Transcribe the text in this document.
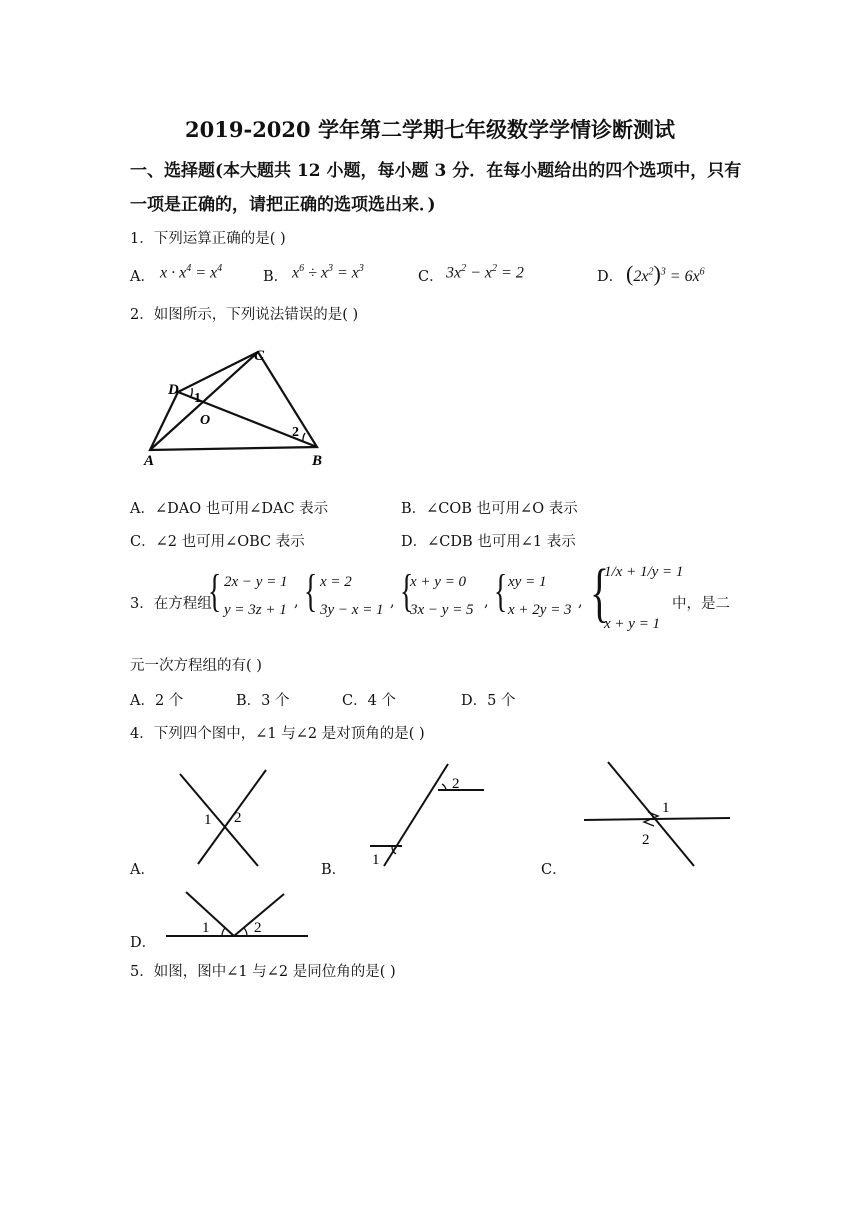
2019-2020 学年第二学期七年级数学学情诊断测试
一、选择题(本大题共 12 小题，每小题 3 分．在每小题给出的四个选项中，只有
一项是正确的，请把正确的选项选出来．)
1．下列运算正确的是( )
A． $x \cdot x^4 = x^4$
B． $x^6 \div x^3 = x^3$
C． $3x^2 - x^2 = 2$	D． $(2x^2)^3 = 6x^6$
2．如图所示，下列说法错误的是( )
C
D
1
O
2
A	B
A．∠DAO 也可用∠DAC 表示	B．∠COB 也可用∠O 表示
C．∠2 也可用∠OBC 表示	D．∠CDB 也可用∠1 表示
3．在方程组
{ 2x − y = 1
y = 3z + 1 , { x = 2
3y − x = 1 , {
x + y = 0
3x − y = 5 , { xy = 1
x + 2y = 3 , {
1/x + 1/y = 1
x + y = 1
中，是二
元一次方程组的有( )
A．2 个	B．3 个	C．4 个	D．5 个
4．下列四个图中，∠1 与∠2 是对顶角的是( )
A．
1 2
B．
2
1
C．
1
2
D．
1	2
5．如图，图中∠1 与∠2 是同位角的是( )
